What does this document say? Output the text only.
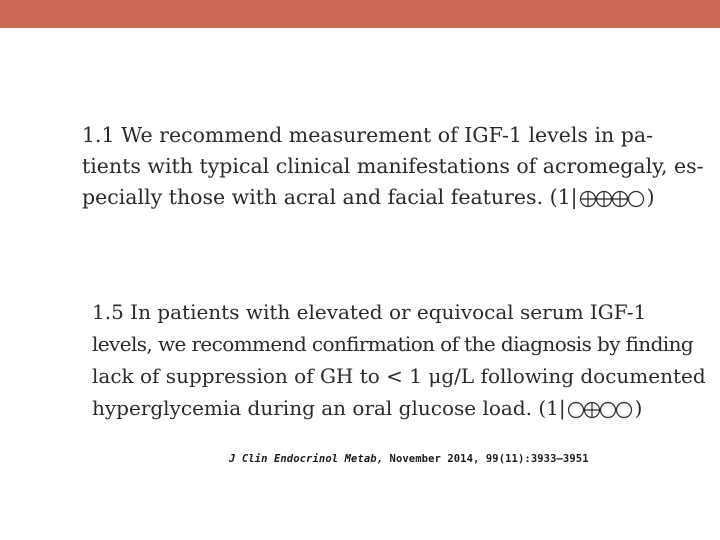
1.1 We recommend measurement of IGF-1 levels in pa-
tients with typical clinical manifestations of acromegaly, es-
pecially those with acral and facial features. (1|	)
1.5 In patients with elevated or equivocal serum IGF-1
levels, we recommend confirmation of the diagnosis by finding
lack of suppression of GH to < 1 μg/L following documented
hyperglycemia during an oral glucose load. (1|	)
J Clin Endocrinol Metab, November 2014, 99(11):3933–3951
